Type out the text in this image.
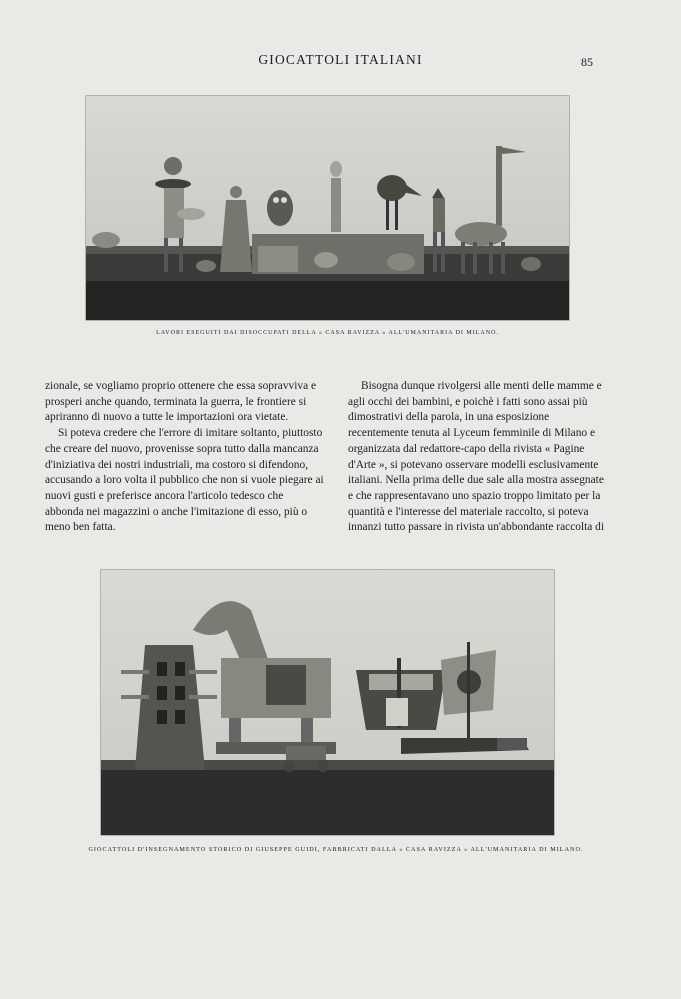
GIOCATTOLI ITALIANI	85
LAVORI ESEGUITI DAI DISOCCUPATI DELLA « CASA RAVIZZA » ALL'UMANITARIA DI MILANO.

zionale, se vogliamo proprio ottenere che essa sopravviva e prosperi anche quando, terminata la guerra, le frontiere si apriranno di nuovo a tutte le importazioni ora vietate.

Si poteva credere che l'errore di imitare soltanto, piuttosto che creare del nuovo, provenisse sopra tutto dalla mancanza d'iniziativa dei nostri industriali, ma costoro si difendono, accusando a loro volta il pubblico che non si vuole piegare ai nuovi gusti e preferisce ancora l'articolo tedesco che abbonda nei magazzini o anche l'imitazione di esso, più o meno ben fatta.

Bisogna dunque rivolgersi alle menti delle mamme e agli occhi dei bambini, e poichè i fatti sono assai più dimostrativi della parola, in una esposizione recentemente tenuta al Lyceum femminile di Milano e organizzata dal redattore-capo della rivista « Pagine d'Arte », si potevano osservare modelli esclusivamente italiani. Nella prima delle due sale alla mostra assegnate e che rappresentavano uno spazio troppo limitato per la quantità e l'interesse del materiale raccolto, si poteva innanzi tutto passare in rivista un'abbondante raccolta di

GIOCATTOLI D'INSEGNAMENTO STORICO DI GIUSEPPE GUIDI, FABBRICATI DALLA « CASA RAVIZZA » ALL'UMANITARIA DI MILANO.
